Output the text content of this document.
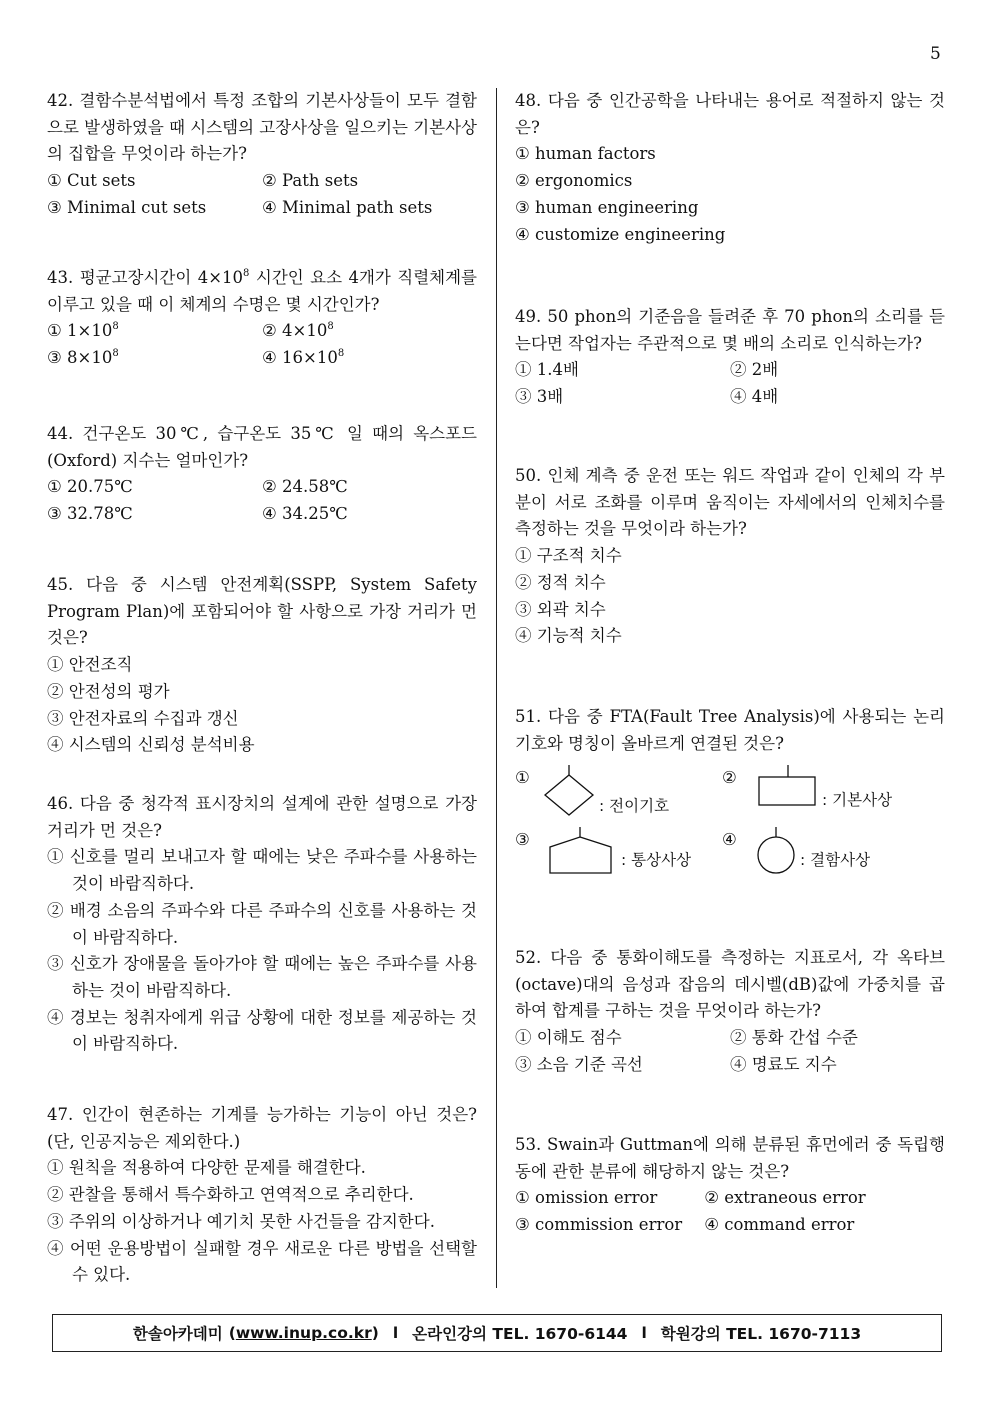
5
42. 결함수분석법에서 특정 조합의 기본사상들이 모두 결함으로 발생하였을 때 시스템의 고장사상을 일으키는 기본사상의 집합을 무엇이라 하는가?
① Cut sets	② Path sets
③ Minimal cut sets	④ Minimal path sets
43. 평균고장시간이 $4\times 10^8$ 시간인 요소 4개가 직렬체계를 이루고 있을 때 이 체계의 수명은 몇 시간인가?
① $1\times 10^8$	② $4\times 10^8$
③ $8\times 10^8$	④ $16\times 10^8$
44. 건구온도 30℃, 습구온도 35℃ 일 때의 옥스포드(Oxford) 지수는 얼마인가?
① 20.75℃	② 24.58℃
③ 32.78℃	④ 34.25℃
45. 다음 중 시스템 안전계획(SSPP, System Safety Program Plan)에 포함되어야 할 사항으로 가장 거리가 먼 것은?
① 안전조직
② 안전성의 평가
③ 안전자료의 수집과 갱신
④ 시스템의 신뢰성 분석비용
46. 다음 중 청각적 표시장치의 설계에 관한 설명으로 가장 거리가 먼 것은?
① 신호를 멀리 보내고자 할 때에는 낮은 주파수를 사용하는 것이 바람직하다.
② 배경 소음의 주파수와 다른 주파수의 신호를 사용하는 것이 바람직하다.
③ 신호가 장애물을 돌아가야 할 때에는 높은 주파수를 사용하는 것이 바람직하다.
④ 경보는 청취자에게 위급 상황에 대한 정보를 제공하는 것이 바람직하다.
47. 인간이 현존하는 기계를 능가하는 기능이 아닌 것은? (단, 인공지능은 제외한다.)
① 원칙을 적용하여 다양한 문제를 해결한다.
② 관찰을 통해서 특수화하고 연역적으로 추리한다.
③ 주위의 이상하거나 예기치 못한 사건들을 감지한다.
④ 어떤 운용방법이 실패할 경우 새로운 다른 방법을 선택할 수 있다.
48. 다음 중 인간공학을 나타내는 용어로 적절하지 않는 것은?
① human factors
② ergonomics
③ human engineering
④ customize engineering
49. 50 phon의 기준음을 들려준 후 70 phon의 소리를 듣는다면 작업자는 주관적으로 몇 배의 소리로 인식하는가?
① 1.4배	② 2배
③ 3배	④ 4배
50. 인체 계측 중 운전 또는 워드 작업과 같이 인체의 각 부분이 서로 조화를 이루며 움직이는 자세에서의 인체치수를 측정하는 것을 무엇이라 하는가?
① 구조적 치수
② 정적 치수
③ 외곽 치수
④ 기능적 치수
51. 다음 중 FTA(Fault Tree Analysis)에 사용되는 논리 기호와 명칭이 올바르게 연결된 것은?
①
: 전이기호
②
: 기본사상
③
: 통상사상
④
: 결함사상
52. 다음 중 통화이해도를 측정하는 지표로서, 각 옥타브(octave)대의 음성과 잡음의 데시벨(dB)값에 가중치를 곱하여 합계를 구하는 것을 무엇이라 하는가?
① 이해도 점수	② 통화 간섭 수준
③ 소음 기준 곡선	④ 명료도 지수
53. Swain과 Guttman에 의해 분류된 휴먼에러 중 독립행동에 관한 분류에 해당하지 않는 것은?
① omission error	② extraneous error
③ commission error	④ command error
한솔아카데미 ( www.inup.co.kr ) l 온라인강의 TEL. 1670-6144 l 학원강의 TEL. 1670-7113
